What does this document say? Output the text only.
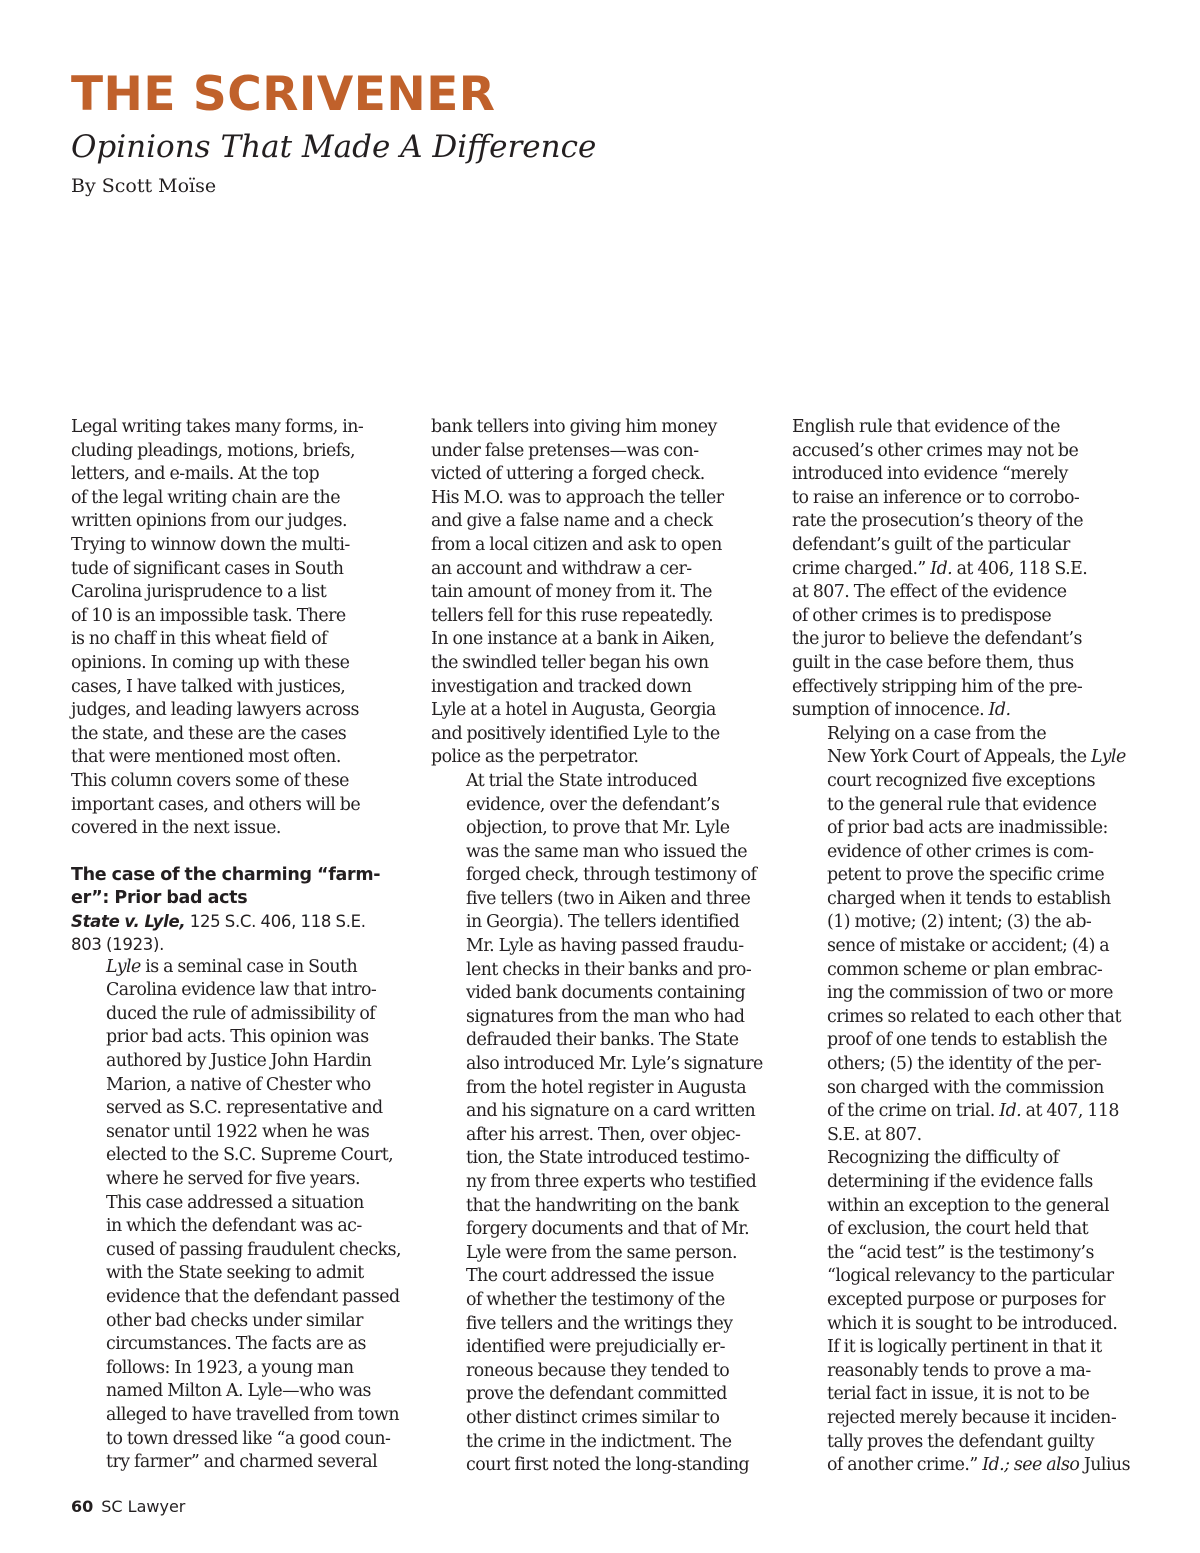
THE SCRIVENER
Opinions That Made A Difference
By Scott Moïse

Legal writing takes many forms, in-
cluding pleadings, motions, briefs,
letters, and e-mails. At the top
of the legal writing chain are the
written opinions from our judges.
Trying to winnow down the multi-
tude of significant cases in South
Carolina jurisprudence to a list
of 10 is an impossible task. There
is no chaff in this wheat field of
opinions. In coming up with these
cases, I have talked with justices,
judges, and leading lawyers across
the state, and these are the cases
that were mentioned most often.
This column covers some of these
important cases, and others will be
covered in the next issue.

The case of the charming “farm-
er”: Prior bad acts
State v. Lyle, 125 S.C. 406, 118 S.E.
803 (1923).

Lyle is a seminal case in South
Carolina evidence law that intro-
duced the rule of admissibility of
prior bad acts. This opinion was
authored by Justice John Hardin
Marion, a native of Chester who
served as S.C. representative and
senator until 1922 when he was
elected to the S.C. Supreme Court,
where he served for five years.

This case addressed a situation
in which the defendant was ac-
cused of passing fraudulent checks,
with the State seeking to admit
evidence that the defendant passed
other bad checks under similar
circumstances. The facts are as
follows: In 1923, a young man
named Milton A. Lyle—who was
alleged to have travelled from town
to town dressed like “a good coun-
try farmer” and charmed several

bank tellers into giving him money
under false pretenses—was con-
victed of uttering a forged check.
His M.O. was to approach the teller
and give a false name and a check
from a local citizen and ask to open
an account and withdraw a cer-
tain amount of money from it. The
tellers fell for this ruse repeatedly.
In one instance at a bank in Aiken,
the swindled teller began his own
investigation and tracked down
Lyle at a hotel in Augusta, Georgia
and positively identified Lyle to the
police as the perpetrator.

At trial the State introduced
evidence, over the defendant’s
objection, to prove that Mr. Lyle
was the same man who issued the
forged check, through testimony of
five tellers (two in Aiken and three
in Georgia). The tellers identified
Mr. Lyle as having passed fraudu-
lent checks in their banks and pro-
vided bank documents containing
signatures from the man who had
defrauded their banks. The State
also introduced Mr. Lyle’s signature
from the hotel register in Augusta
and his signature on a card written
after his arrest. Then, over objec-
tion, the State introduced testimo-
ny from three experts who testified
that the handwriting on the bank
forgery documents and that of Mr.
Lyle were from the same person.

The court addressed the issue
of whether the testimony of the
five tellers and the writings they
identified were prejudicially er-
roneous because they tended to
prove the defendant committed
other distinct crimes similar to
the crime in the indictment. The
court first noted the long-standing

English rule that evidence of the
accused’s other crimes may not be
introduced into evidence “merely
to raise an inference or to corrobo-
rate the prosecution’s theory of the
defendant’s guilt of the particular
crime charged.” Id. at 406, 118 S.E.
at 807. The effect of the evidence
of other crimes is to predispose
the juror to believe the defendant’s
guilt in the case before them, thus
effectively stripping him of the pre-
sumption of innocence. Id.

Relying on a case from the
New York Court of Appeals, the Lyle
court recognized five exceptions
to the general rule that evidence
of prior bad acts are inadmissible:
evidence of other crimes is com-
petent to prove the specific crime
charged when it tends to establish
(1) motive; (2) intent; (3) the ab-
sence of mistake or accident; (4) a
common scheme or plan embrac-
ing the commission of two or more
crimes so related to each other that
proof of one tends to establish the
others; (5) the identity of the per-
son charged with the commission
of the crime on trial. Id. at 407, 118
S.E. at 807.

Recognizing the difficulty of
determining if the evidence falls
within an exception to the general
of exclusion, the court held that
the “acid test” is the testimony’s
“logical relevancy to the particular
excepted purpose or purposes for
which it is sought to be introduced.
If it is logically pertinent in that it
reasonably tends to prove a ma-
terial fact in issue, it is not to be
rejected merely because it inciden-
tally proves the defendant guilty
of another crime.” Id.; see also Julius

60 SC Lawyer
